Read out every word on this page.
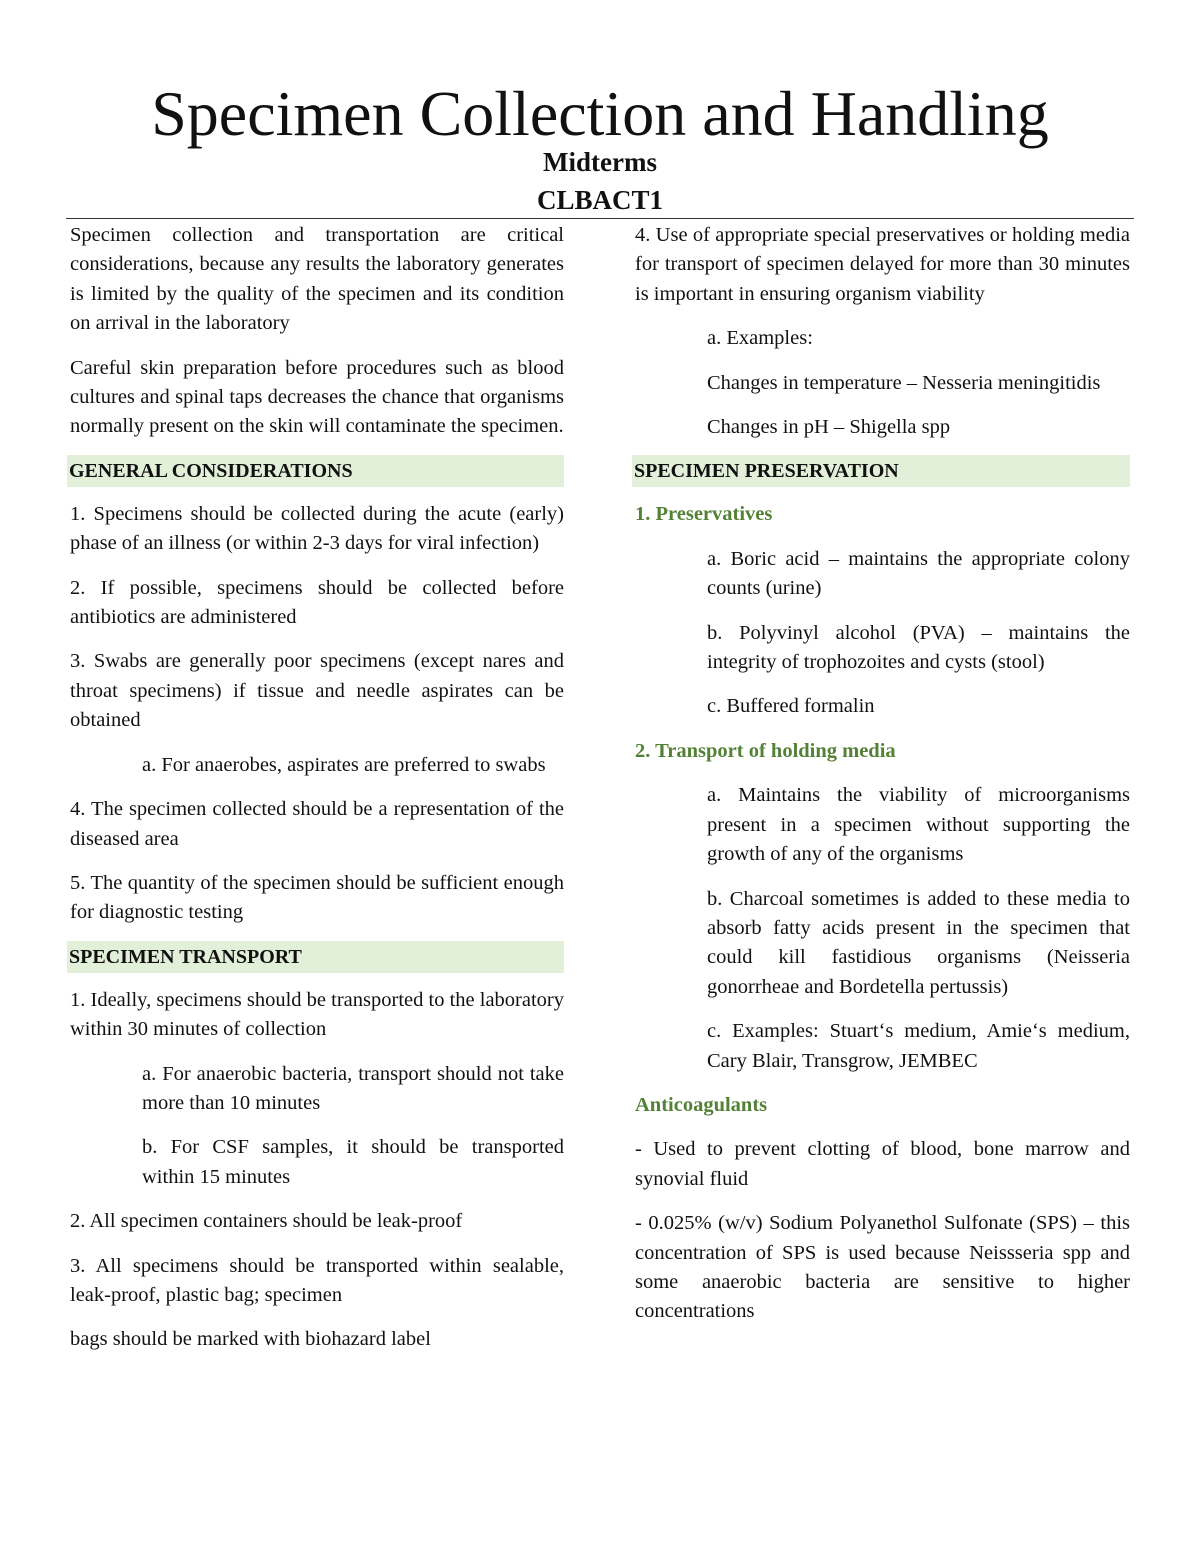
Specimen Collection and Handling
Midterms
CLBACT1

Specimen collection and transportation are critical considerations, because any results the laboratory generates is limited by the quality of the specimen and its condition on arrival in the laboratory

Careful skin preparation before procedures such as blood cultures and spinal taps decreases the chance that organisms normally present on the skin will contaminate the specimen.

GENERAL CONSIDERATIONS

1. Specimens should be collected during the acute (early) phase of an illness (or within 2-3 days for viral infection)

2. If possible, specimens should be collected before antibiotics are administered

3. Swabs are generally poor specimens (except nares and throat specimens) if tissue and needle aspirates can be obtained

a. For anaerobes, aspirates are preferred to swabs

4. The specimen collected should be a representation of the diseased area

5. The quantity of the specimen should be sufficient enough for diagnostic testing

SPECIMEN TRANSPORT

1. Ideally, specimens should be transported to the laboratory within 30 minutes of collection

a. For anaerobic bacteria, transport should not take more than 10 minutes

b. For CSF samples, it should be transported within 15 minutes

2. All specimen containers should be leak-proof

3. All specimens should be transported within sealable, leak-proof, plastic bag; specimen

bags should be marked with biohazard label

4. Use of appropriate special preservatives or holding media for transport of specimen delayed for more than 30 minutes is important in ensuring organism viability

a. Examples:

Changes in temperature – Nesseria meningitidis

Changes in pH – Shigella spp

SPECIMEN PRESERVATION

1. Preservatives

a. Boric acid – maintains the appropriate colony counts (urine)

b. Polyvinyl alcohol (PVA) – maintains the integrity of trophozoites and cysts (stool)

c. Buffered formalin

2. Transport of holding media

a. Maintains the viability of microorganisms present in a specimen without supporting the growth of any of the organisms

b. Charcoal sometimes is added to these media to absorb fatty acids present in the specimen that could kill fastidious organisms (Neisseria gonorrheae and Bordetella pertussis)

c. Examples: Stuart‘s medium, Amie‘s medium, Cary Blair, Transgrow, JEMBEC

Anticoagulants

- Used to prevent clotting of blood, bone marrow and synovial fluid

- 0.025% (w/v) Sodium Polyanethol Sulfonate (SPS) – this concentration of SPS is used because Neissseria spp and some anaerobic bacteria are sensitive to higher concentrations
